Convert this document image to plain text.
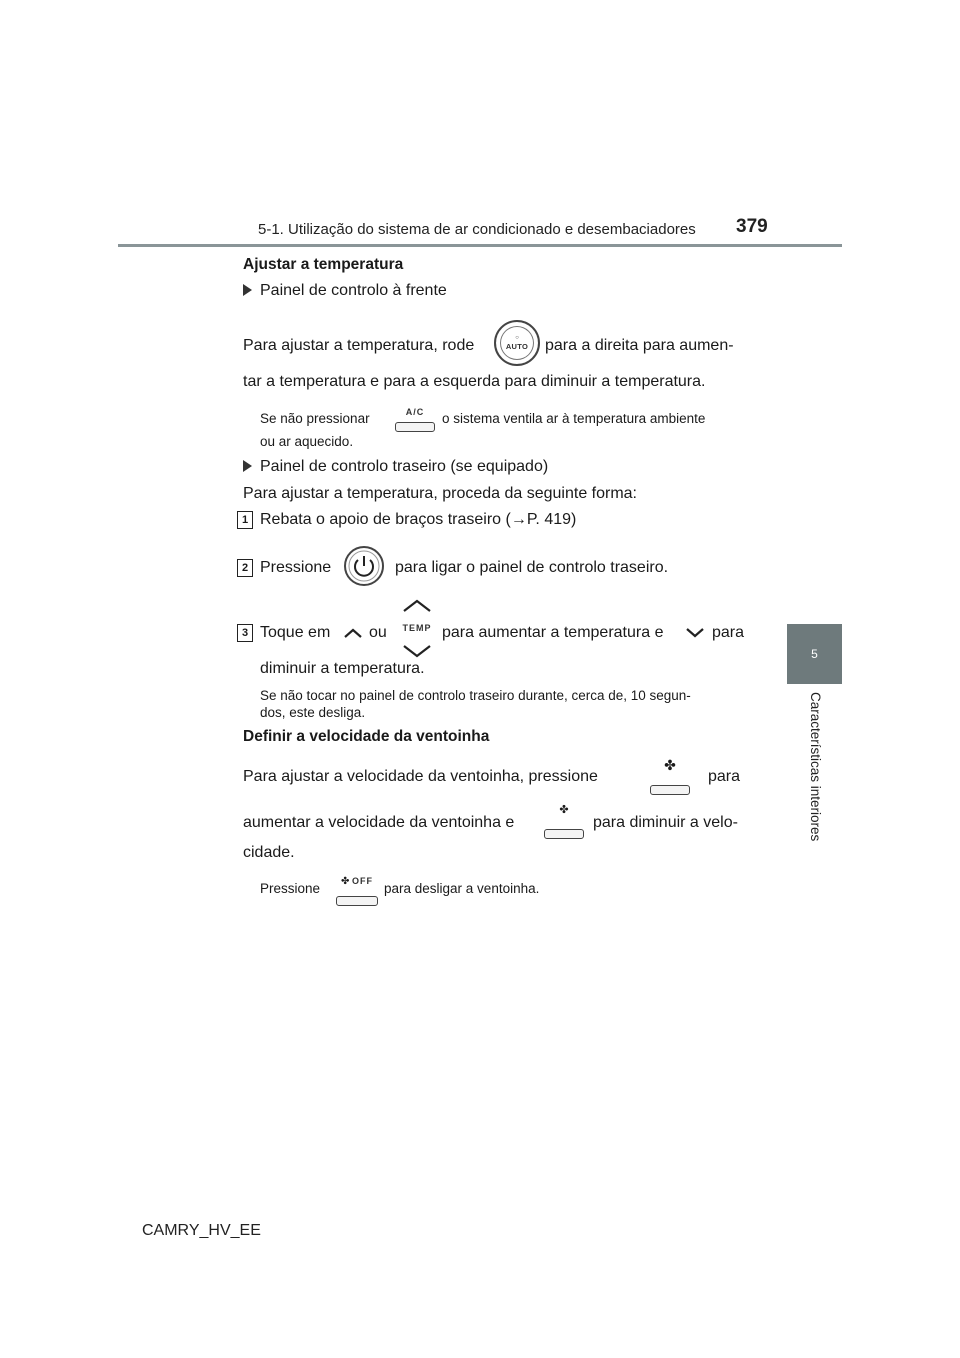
5-1. Utilização do sistema de ar condicionado e desembaciadores 379
5
Características interiores
Ajustar a temperatura
Painel de controlo à frente
Para ajustar a temperatura, rode	○
AUTO para a direita para aumen-
tar a temperatura e para a esquerda para diminuir a temperatura.
Se não pressionar	A/C	o sistema ventila ar à temperatura ambiente
ou ar aquecido.
Painel de controlo traseiro (se equipado)
Para ajustar a temperatura, proceda da seguinte forma:
1 Rebata o apoio de braços traseiro (→P. 419)
2 Pressione	para ligar o painel de controlo traseiro.
3 Toque em ou	TEMP para aumentar a temperatura e	para
diminuir a temperatura.
Se não tocar no painel de controlo traseiro durante, cerca de, 10 segun-
dos, este desliga.
Definir a velocidade da ventoinha
Para ajustar a velocidade da ventoinha, pressione
✤
para
aumentar a velocidade da ventoinha e
✤
para diminuir a velo-
cidade.
Pressione	✤ OFF para desligar a ventoinha.
CAMRY_HV_EE
